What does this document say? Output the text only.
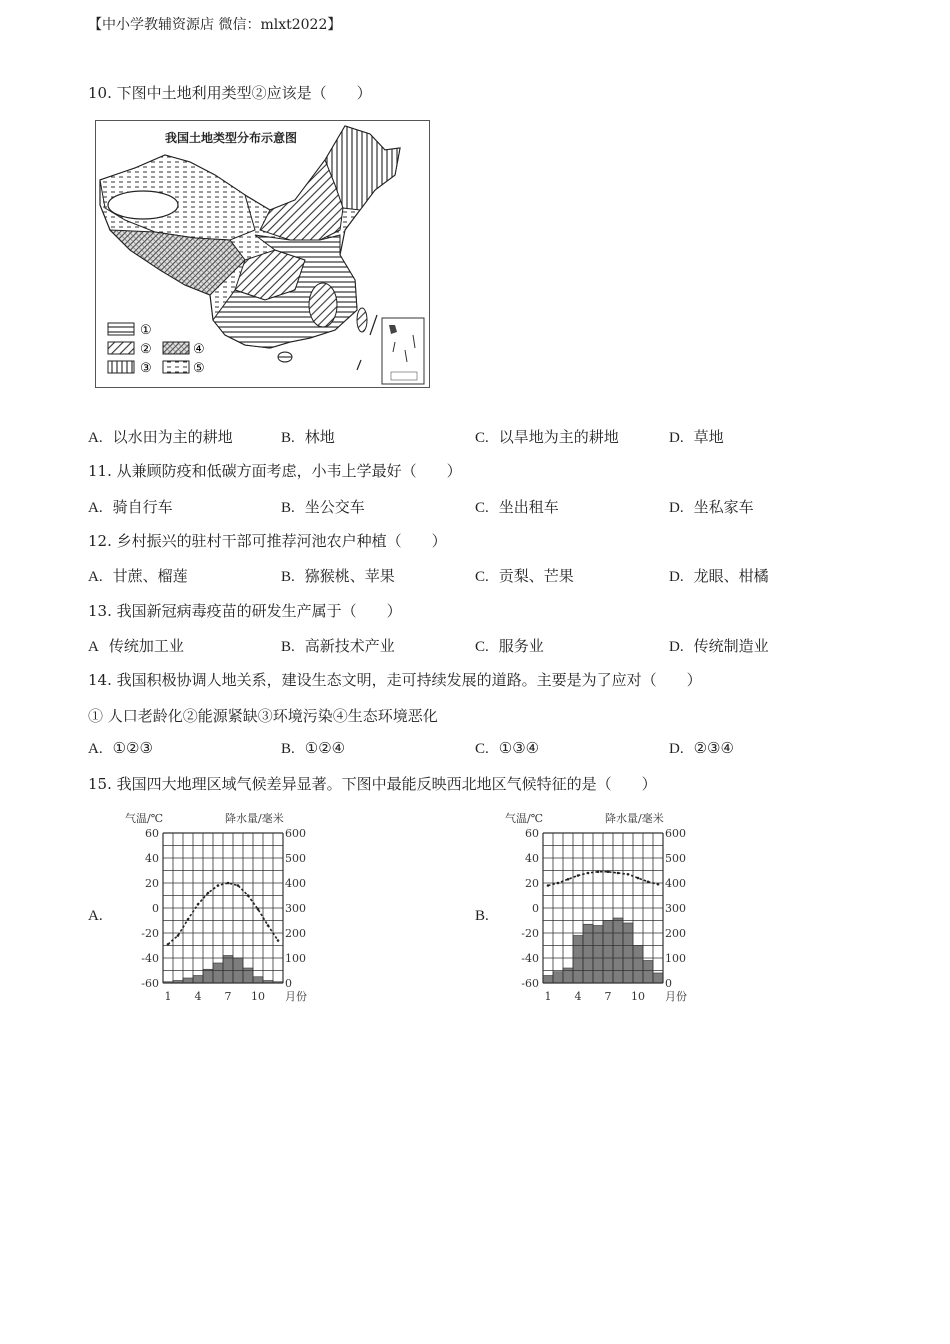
【中小学教辅资源店 微信：mlxt2022】
10. 下图中土地利用类型②应该是（　　）
我国土地类型分布示意图
①
②	④
③	⑤
A. 以水田为主的耕地	B. 林地	C. 以旱地为主的耕地	D. 草地
11. 从兼顾防疫和低碳方面考虑，小韦上学最好（　　）
A. 骑自行车	B. 坐公交车	C. 坐出租车	D. 坐私家车
12. 乡村振兴的驻村干部可推荐河池农户种植（　　）
A. 甘蔗、榴莲	B. 猕猴桃、苹果	C. 贡梨、芒果	D. 龙眼、柑橘
13. 我国新冠病毒疫苗的研发生产属于（　　）
A 传统加工业	B. 高新技术产业	C. 服务业	D. 传统制造业
14. 我国积极协调人地关系，建设生态文明，走可持续发展的道路。主要是为了应对（　　）
① 人口老龄化②能源紧缺③环境污染④生态环境恶化
A. ①②③	B. ①②④	C. ①③④	D. ②③④
15. 我国四大地理区域气候差异显著。下图中最能反映西北地区气候特征的是（　　）
A.	B.
60
40
20
0
-20
-40
-60
600
500
400
300
200
100
0
1 4 7 10 月份
气温/℃	降水量/毫米
60
40
20
0
-20
-40
-60
600
500
400
300
200
100
0
1 4 7 10 月份
气温/℃	降水量/毫米
